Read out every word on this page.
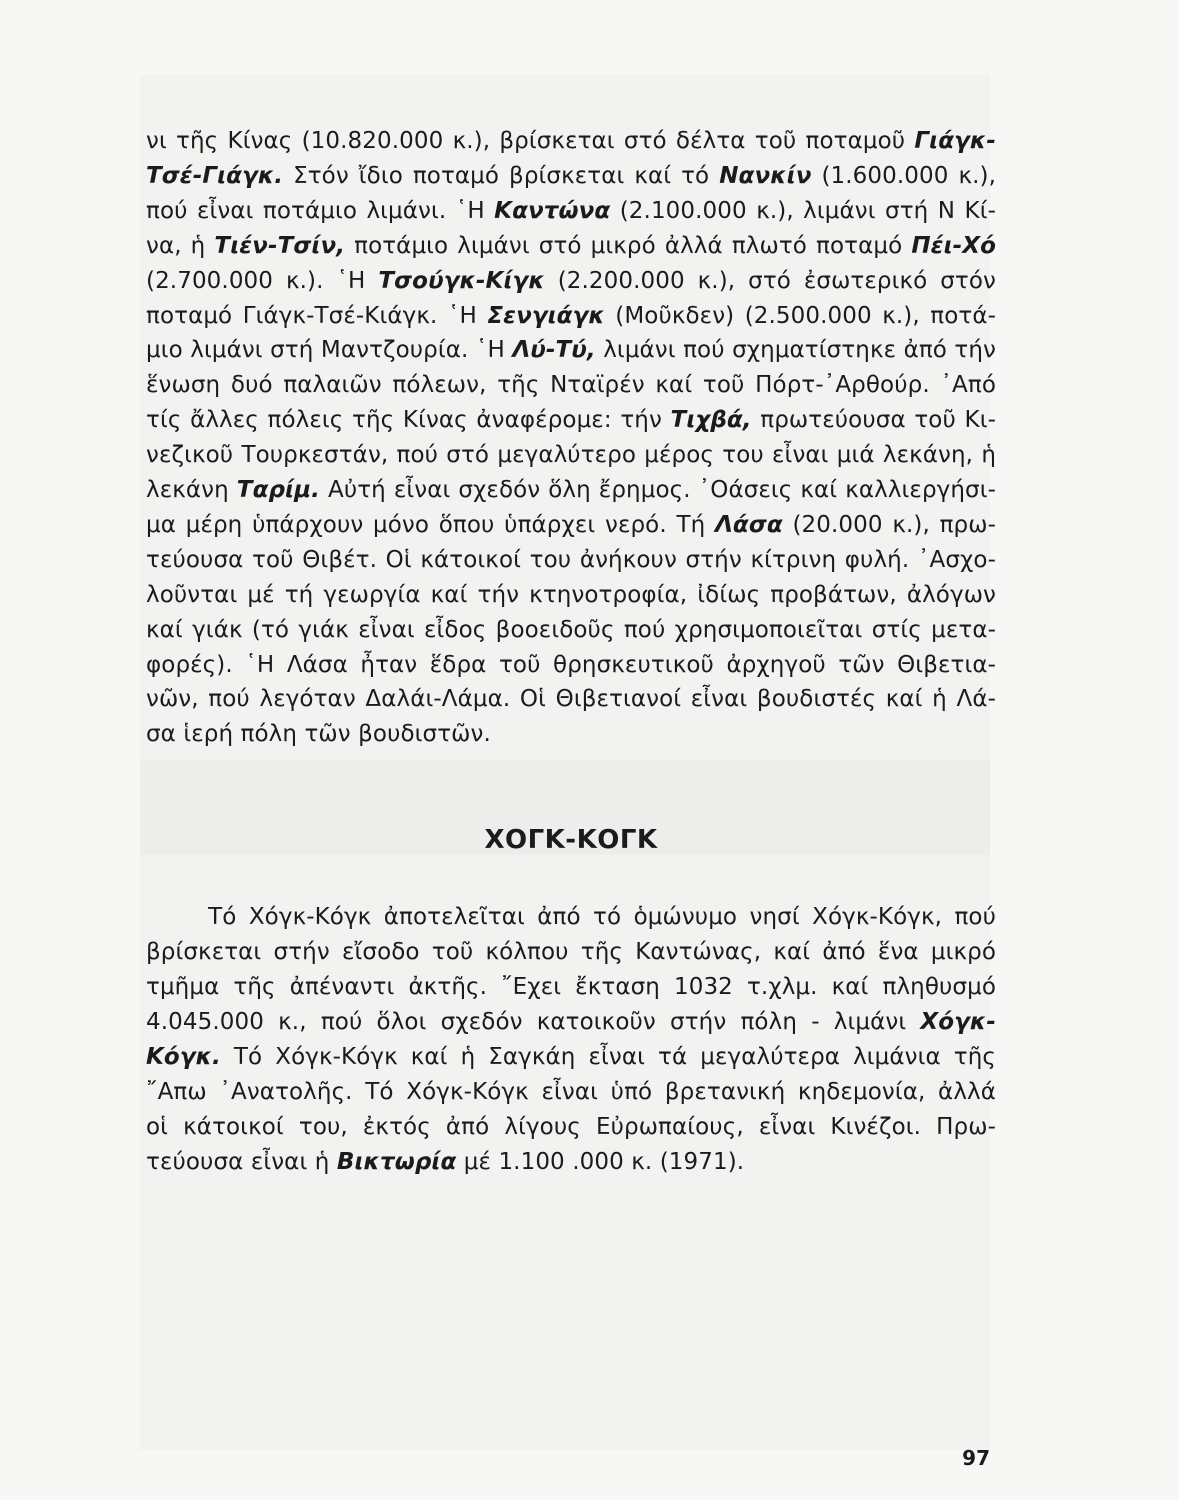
νι τῆς Κίνας (10.820.000 κ.), βρίσκεται στό δέλτα τοῦ ποταμοῦ Γιάγκ-
Τσέ-Γιάγκ. Στόν ἴδιο ποταμό βρίσκεται καί τό Νανκίν (1.600.000 κ.),
πού εἶναι ποτάμιο λιμάνι. ῾Η Καντώνα (2.100.000 κ.), λιμάνι στή Ν Κί-
να, ἡ Τιέν-Τσίν, ποτάμιο λιμάνι στό μικρό ἀλλά πλωτό ποταμό Πέι-Χό
(2.700.000 κ.). ῾Η Τσούγκ-Κίγκ (2.200.000 κ.), στό ἐσωτερικό στόν
ποταμό Γιάγκ-Τσέ-Κιάγκ. ῾Η Σενγιάγκ (Μοῦκδεν) (2.500.000 κ.), ποτά-
μιο λιμάνι στή Μαντζουρία. ῾Η Λύ-Τύ, λιμάνι πού σχηματίστηκε ἀπό τήν
ἕνωση δυό παλαιῶν πόλεων, τῆς Νταϊρέν καί τοῦ Πόρτ-᾿Αρθούρ. ᾿Από
τίς ἄλλες πόλεις τῆς Κίνας ἀναφέρομε: τήν Τιχβά, πρωτεύουσα τοῦ Κι-
νεζικοῦ Τουρκεστάν, πού στό μεγαλύτερο μέρος του εἶναι μιά λεκάνη, ἡ
λεκάνη Ταρίμ. Αὐτή εἶναι σχεδόν ὅλη ἔρημος. ᾿Οάσεις καί καλλιεργήσι-
μα μέρη ὑπάρχουν μόνο ὅπου ὑπάρχει νερό. Τή Λάσα (20.000 κ.), πρω-
τεύουσα τοῦ Θιβέτ. Οἱ κάτοικοί του ἀνήκουν στήν κίτρινη φυλή. ᾿Ασχο-
λοῦνται μέ τή γεωργία καί τήν κτηνοτροφία, ἰδίως προβάτων, ἀλόγων
καί γιάκ (τό γιάκ εἶναι εἶδος βοοειδοῦς πού χρησιμοποιεῖται στίς μετα-
φορές). ῾Η Λάσα ἦταν ἕδρα τοῦ θρησκευτικοῦ ἀρχηγοῦ τῶν Θιβετια-
νῶν, πού λεγόταν Δαλάι-Λάμα. Οἱ Θιβετιανοί εἶναι βουδιστές καί ἡ Λά-
σα ἱερή πόλη τῶν βουδιστῶν.
ΧΟΓΚ-ΚΟΓΚ
Τό Χόγκ-Κόγκ ἀποτελεῖται ἀπό τό ὁμώνυμο νησί Χόγκ-Κόγκ, πού
βρίσκεται στήν εἴσοδο τοῦ κόλπου τῆς Καντώνας, καί ἀπό ἕνα μικρό
τμῆμα τῆς ἀπέναντι ἀκτῆς. ῎Εχει ἔκταση 1032 τ.χλμ. καί πληθυσμό
4.045.000 κ., πού ὅλοι σχεδόν κατοικοῦν στήν πόλη - λιμάνι Χόγκ-
Κόγκ. Τό Χόγκ-Κόγκ καί ἡ Σαγκάη εἶναι τά μεγαλύτερα λιμάνια τῆς
῎Απω ᾿Ανατολῆς. Τό Χόγκ-Κόγκ εἶναι ὑπό βρετανική κηδεμονία, ἀλλά
οἱ κάτοικοί του, ἐκτός ἀπό λίγους Εὐρωπαίους, εἶναι Κινέζοι. Πρω-
τεύουσα εἶναι ἡ Βικτωρία μέ 1.100 .000 κ. (1971).
97
